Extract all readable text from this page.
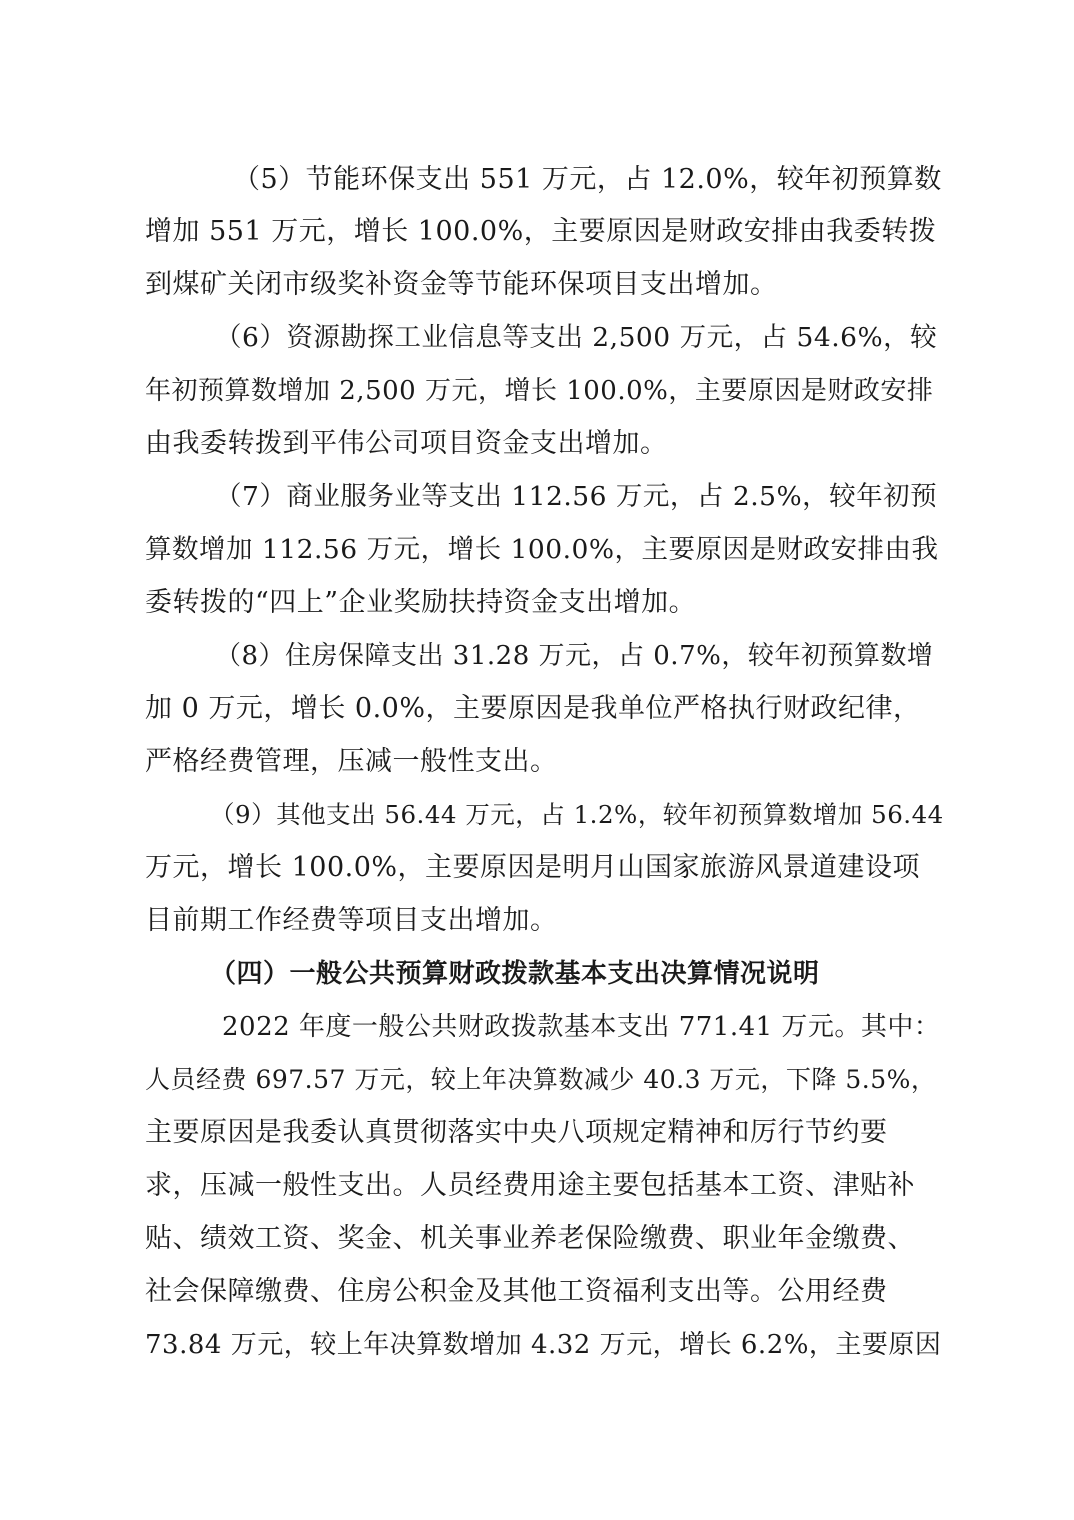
（5）节能环保支出 551 万元，占 12.0%，较年初预算数
增加 551 万元，增长 100.0%，主要原因是财政安排由我委转拨
到煤矿关闭市级奖补资金等节能环保项目支出增加。
（6）资源勘探工业信息等支出 2,500 万元，占 54.6%，较
年初预算数增加 2,500 万元，增长 100.0%，主要原因是财政安排
由我委转拨到平伟公司项目资金支出增加。
（7）商业服务业等支出 112.56 万元，占 2.5%，较年初预
算数增加 112.56 万元，增长 100.0%，主要原因是财政安排由我
委转拨的“四上”企业奖励扶持资金支出增加。
（8）住房保障支出 31.28 万元，占 0.7%，较年初预算数增
加 0 万元，增长 0.0%，主要原因是我单位严格执行财政纪律，
严格经费管理，压减一般性支出。
（9）其他支出 56.44 万元，占 1.2%，较年初预算数增加 56.44
万元，增长 100.0%，主要原因是明月山国家旅游风景道建设项
目前期工作经费等项目支出增加。
（四）一般公共预算财政拨款基本支出决算情况说明
2022 年度一般公共财政拨款基本支出 771.41 万元。其中：
人员经费 697.57 万元，较上年决算数减少 40.3 万元，下降 5.5%，
主要原因是我委认真贯彻落实中央八项规定精神和厉行节约要
求，压减一般性支出。人员经费用途主要包括基本工资、津贴补
贴、绩效工资、奖金、机关事业养老保险缴费、职业年金缴费、
社会保障缴费、住房公积金及其他工资福利支出等。公用经费
73.84 万元，较上年决算数增加 4.32 万元，增长 6.2%，主要原因
